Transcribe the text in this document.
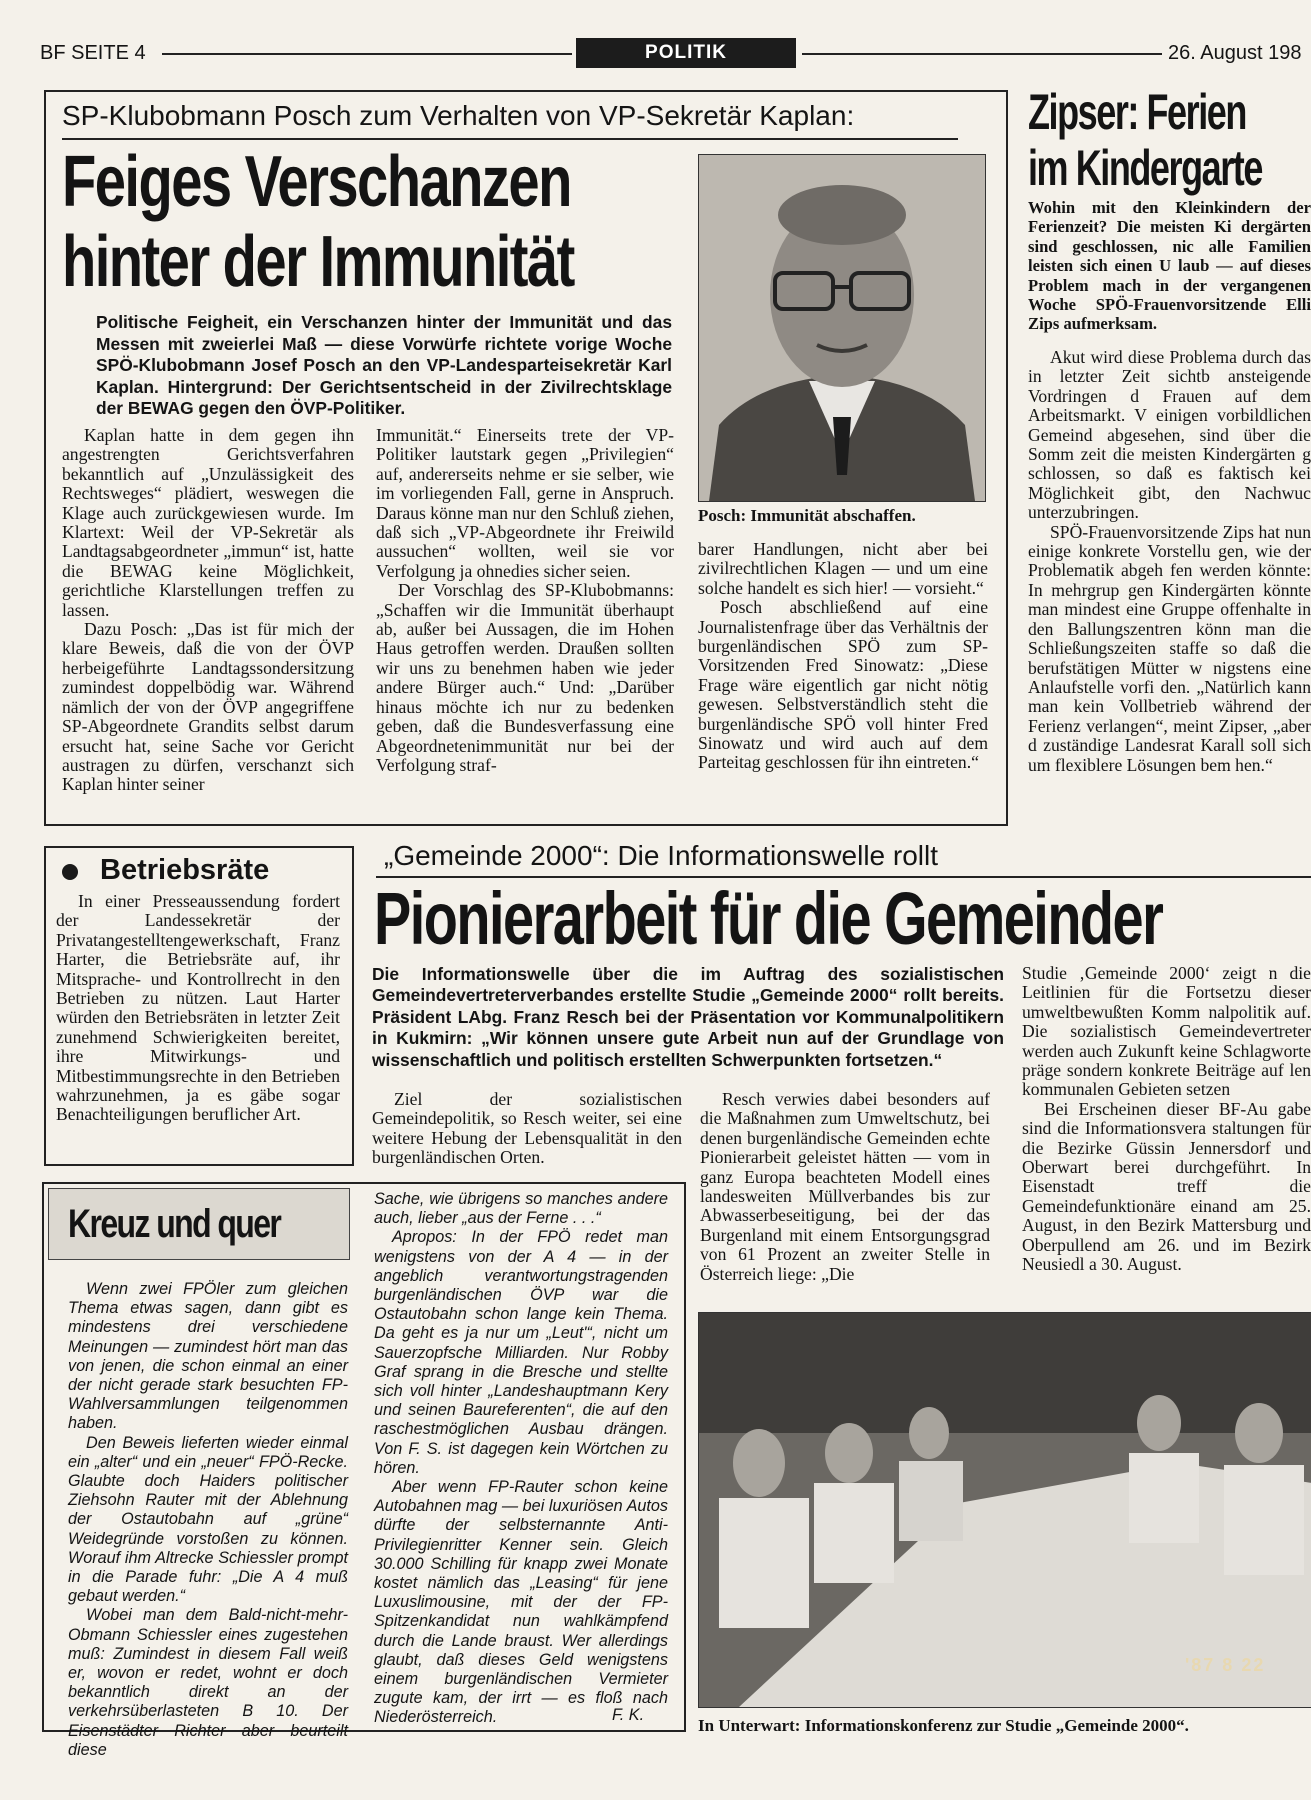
BF SEITE 4	POLITIK	26. August 198
SP-Klubobmann Posch zum Verhalten von VP-Sekretär Kaplan:
Feiges Verschanzen
hinter der Immunität
Politische Feigheit, ein Verschanzen hinter der Immunität und das Messen mit zweierlei Maß — diese Vorwürfe richtete vorige Woche SPÖ-Klubobmann Josef Posch an den VP-Landesparteisekretär Karl Kaplan. Hintergrund: Der Gerichtsentscheid in der Zivilrechtsklage der BEWAG gegen den ÖVP-Politiker.
Posch: Immunität abschaffen.

Kaplan hatte in dem gegen ihn angestrengten Gerichtsverfahren bekanntlich auf „Unzulässigkeit des Rechtsweges“ plädiert, weswegen die Klage auch zurückgewiesen wurde. Im Klartext: Weil der VP-Sekretär als Landtagsabgeordneter „immun“ ist, hatte die BEWAG keine Möglichkeit, gerichtliche Klarstellungen treffen zu lassen.

Dazu Posch: „Das ist für mich der klare Beweis, daß die von der ÖVP herbeigeführte Landtagssondersitzung zumindest doppelbödig war. Während nämlich der von der ÖVP angegriffene SP-Abgeordnete Grandits selbst darum ersucht hat, seine Sache vor Gericht austragen zu dürfen, verschanzt sich Kaplan hinter seiner

Immunität.“ Einerseits trete der VP-Politiker lautstark gegen „Privilegien“ auf, andererseits nehme er sie selber, wie im vorliegenden Fall, gerne in Anspruch. Daraus könne man nur den Schluß ziehen, daß sich „VP-Abgeordnete ihr Freiwild aussuchen“ wollten, weil sie vor Verfolgung ja ohnedies sicher seien.

Der Vorschlag des SP-Klubobmanns: „Schaffen wir die Immunität überhaupt ab, außer bei Aussagen, die im Hohen Haus getroffen werden. Draußen sollten wir uns zu benehmen haben wie jeder andere Bürger auch.“ Und: „Darüber hinaus möchte ich nur zu bedenken geben, daß die Bundesverfassung eine Abgeordnetenimmunität nur bei der Verfolgung straf-

barer Handlungen, nicht aber bei zivilrechtlichen Klagen — und um eine solche handelt es sich hier! — vorsieht.“

Posch abschließend auf eine Journalistenfrage über das Verhältnis der burgenländischen SPÖ zum SP-Vorsitzenden Fred Sinowatz: „Diese Frage wäre eigentlich gar nicht nötig gewesen. Selbstverständlich steht die burgenländische SPÖ voll hinter Fred Sinowatz und wird auch auf dem Parteitag geschlossen für ihn eintreten.“

Zipser: Ferien
im Kindergarte
Wohin mit den Kleinkindern der Ferienzeit? Die meisten Ki dergärten sind geschlossen, nic alle Familien leisten sich einen U laub — auf dieses Problem mach in der vergangenen Woche SPÖ-Frauenvorsitzende Elli Zips aufmerksam.

Akut wird diese Problema durch das in letzter Zeit sichtb ansteigende Vordringen d Frauen auf dem Arbeitsmarkt. V einigen vorbildlichen Gemeind abgesehen, sind über die Somm zeit die meisten Kindergärten g schlossen, so daß es faktisch kei Möglichkeit gibt, den Nachwuc unterzubringen.

SPÖ-Frauenvorsitzende Zips hat nun einige konkrete Vorstellu gen, wie der Problematik abgeh fen werden könnte: In mehrgrup gen Kindergärten könnte man mindest eine Gruppe offenhalte in den Ballungszentren könn man die Schließungszeiten staffe so daß die berufstätigen Mütter w nigstens eine Anlaufstelle vorfi den. „Natürlich kann man kein Vollbetrieb während der Ferienz verlangen“, meint Zipser, „aber d zuständige Landesrat Karall soll sich um flexiblere Lösungen bem hen.“

Betriebsräte

In einer Presseaussendung fordert der Landessekretär der Privatangestelltengewerkschaft, Franz Harter, die Betriebsräte auf, ihr Mitsprache- und Kontrollrecht in den Betrieben zu nützen. Laut Harter würden den Betriebsräten in letzter Zeit zunehmend Schwierigkeiten bereitet, ihre Mitwirkungs- und Mitbestimmungsrechte in den Betrieben wahrzunehmen, ja es gäbe sogar Benachteiligungen beruflicher Art.

„Gemeinde 2000“: Die Informationswelle rollt
Pionierarbeit für die Gemeinder
Die Informationswelle über die im Auftrag des sozialistischen Gemeindevertreterverbandes erstellte Studie „Gemeinde 2000“ rollt bereits. Präsident LAbg. Franz Resch bei der Präsentation vor Kommunalpolitikern in Kukmirn: „Wir können unsere gute Arbeit nun auf der Grundlage von wissenschaftlich und politisch erstellten Schwerpunkten fortsetzen.“

Ziel der sozialistischen Gemeindepolitik, so Resch weiter, sei eine weitere Hebung der Lebensqualität in den burgenländischen Orten.

Resch verwies dabei besonders auf die Maßnahmen zum Umweltschutz, bei denen burgenländische Gemeinden echte Pionierarbeit geleistet hätten — vom in ganz Europa beachteten Modell eines landesweiten Müllverbandes bis zur Abwasserbeseitigung, bei der das Burgenland mit einem Entsorgungsgrad von 61 Prozent an zweiter Stelle in Österreich liege: „Die

Studie ‚Gemeinde 2000‘ zeigt n die Leitlinien für die Fortsetzu dieser umweltbewußten Komm nalpolitik auf. Die sozialistisch Gemeindevertreter werden auch Zukunft keine Schlagworte präge sondern konkrete Beiträge auf len kommunalen Gebieten setzen

Bei Erscheinen dieser BF-Au gabe sind die Informationsvera staltungen für die Bezirke Güssin Jennersdorf und Oberwart berei durchgeführt. In Eisenstadt treff die Gemeindefunktionäre einand am 25. August, in den Bezirk Mattersburg und Oberpullend am 26. und im Bezirk Neusiedl a 30. August.

'87 8 22
In Unterwart: Informationskonferenz zur Studie „Gemeinde 2000“.
Kreuz und quer

Wenn zwei FPÖler zum gleichen Thema etwas sagen, dann gibt es mindestens drei verschiedene Meinungen — zumindest hört man das von jenen, die schon einmal an einer der nicht gerade stark besuchten FP-Wahlversammlungen teilgenommen haben.

Den Beweis lieferten wieder einmal ein „alter“ und ein „neuer“ FPÖ-Recke. Glaubte doch Haiders politischer Ziehsohn Rauter mit der Ablehnung der Ostautobahn auf „grüne“ Weidegründe vorstoßen zu können. Worauf ihm Altrecke Schiessler prompt in die Parade fuhr: „Die A 4 muß gebaut werden.“

Wobei man dem Bald-nicht-mehr-Obmann Schiessler eines zugestehen muß: Zumindest in diesem Fall weiß er, wovon er redet, wohnt er doch bekanntlich direkt an der verkehrsüberlasteten B 10. Der Eisenstädter Richter aber beurteilt diese

Sache, wie übrigens so manches andere auch, lieber „aus der Ferne . . .“

Apropos: In der FPÖ redet man wenigstens von der A 4 — in der angeblich verantwortungstragenden burgenländischen ÖVP war die Ostautobahn schon lange kein Thema. Da geht es ja nur um „Leut'“, nicht um Sauerzopfsche Milliarden. Nur Robby Graf sprang in die Bresche und stellte sich voll hinter „Landeshauptmann Kery und seinen Baureferenten“, die auf den raschestmöglichen Ausbau drängen. Von F. S. ist dagegen kein Wörtchen zu hören.

Aber wenn FP-Rauter schon keine Autobahnen mag — bei luxuriösen Autos dürfte der selbsternannte Anti-Privilegienritter Kenner sein. Gleich 30.000 Schilling für knapp zwei Monate kostet nämlich das „Leasing“ für jene Luxuslimousine, mit der der FP-Spitzenkandidat nun wahlkämpfend durch die Lande braust. Wer allerdings glaubt, daß dieses Geld wenigstens einem burgenländischen Vermieter zugute kam, der irrt — es floß nach Niederösterreich.	F. K.
